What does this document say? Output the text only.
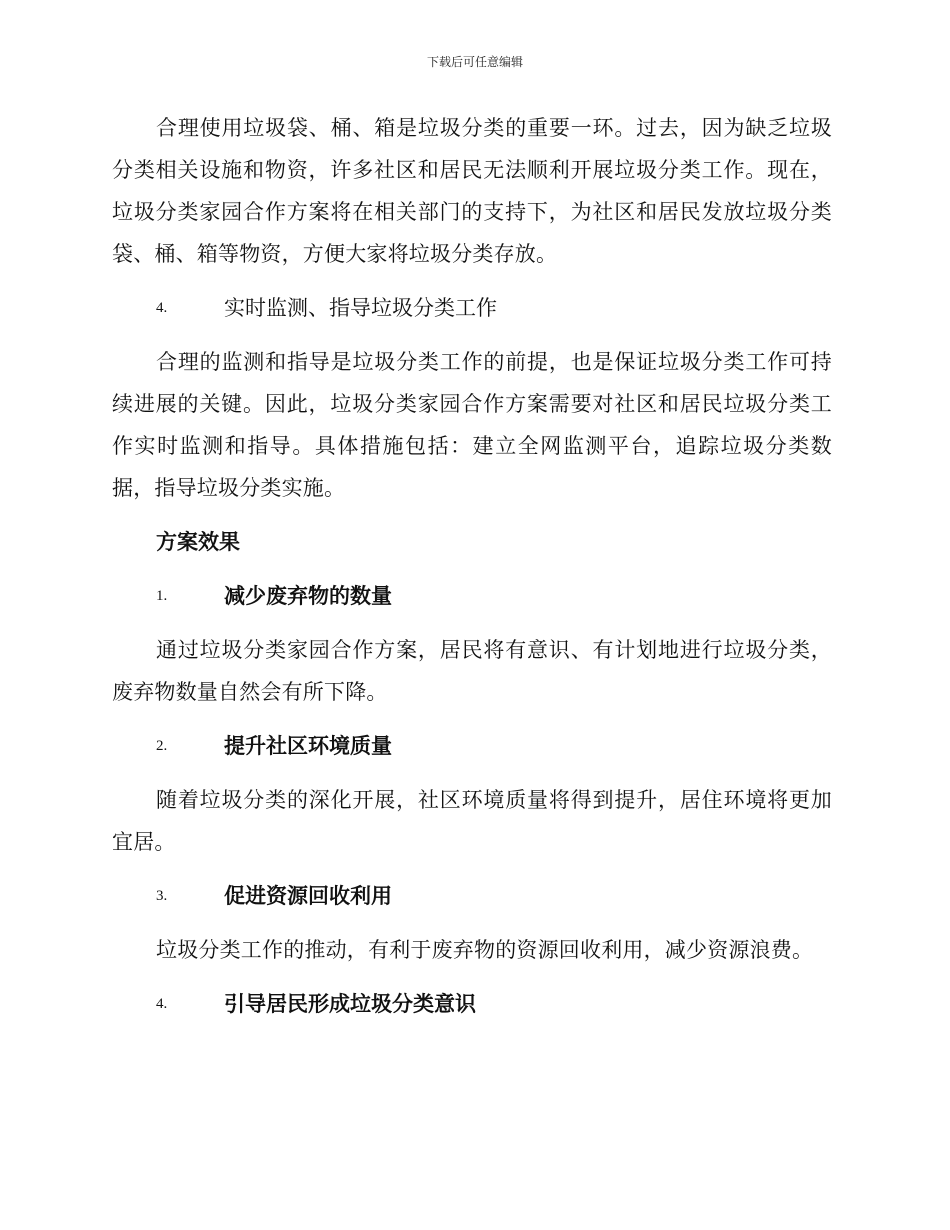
下载后可任意编辑

合理使用垃圾袋、桶、箱是垃圾分类的重要一环。过去，因为缺乏垃圾分类相关设施和物资，许多社区和居民无法顺利开展垃圾分类工作。现在，垃圾分类家园合作方案将在相关部门的支持下，为社区和居民发放垃圾分类袋、桶、箱等物资，方便大家将垃圾分类存放。

4.	实时监测、指导垃圾分类工作

合理的监测和指导是垃圾分类工作的前提，也是保证垃圾分类工作可持续进展的关键。因此，垃圾分类家园合作方案需要对社区和居民垃圾分类工作实时监测和指导。具体措施包括：建立全网监测平台，追踪垃圾分类数据，指导垃圾分类实施。

方案效果
1.	减少废弃物的数量

通过垃圾分类家园合作方案，居民将有意识、有计划地进行垃圾分类，废弃物数量自然会有所下降。

2.	提升社区环境质量

随着垃圾分类的深化开展，社区环境质量将得到提升，居住环境将更加宜居。

3.	促进资源回收利用

垃圾分类工作的推动，有利于废弃物的资源回收利用，减少资源浪费。

4.	引导居民形成垃圾分类意识
